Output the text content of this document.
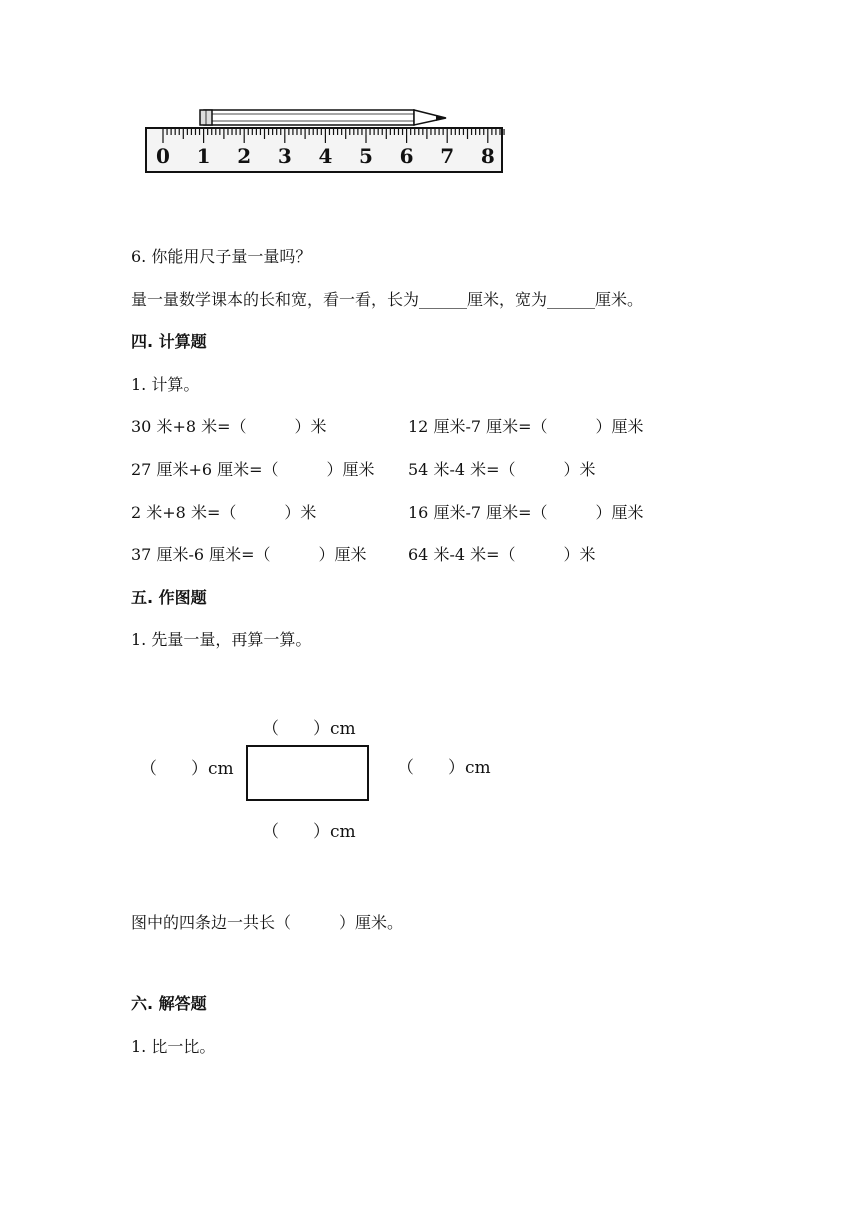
0 1 2 3 4 5 6 7 8
6. 你能用尺子量一量吗？
量一量数学课本的长和宽，看一看，长为______厘米，宽为______厘米。
四. 计算题
1. 计算。
30 米+8 米=（　　　）米	12 厘米-7 厘米=（　　　）厘米
27 厘米+6 厘米=（　　　）厘米 54 米-4 米=（　　　）米
2 米+8 米=（　　　）米	16 厘米-7 厘米=（　　　）厘米
37 厘米-6 厘米=（　　　）厘米	64 米-4 米=（　　　）米
五. 作图题
1. 先量一量，再算一算。
（　　）cm
（　　）cm	（　　）cm
（　　）cm
图中的四条边一共长（　　　）厘米。
六. 解答题
1. 比一比。
